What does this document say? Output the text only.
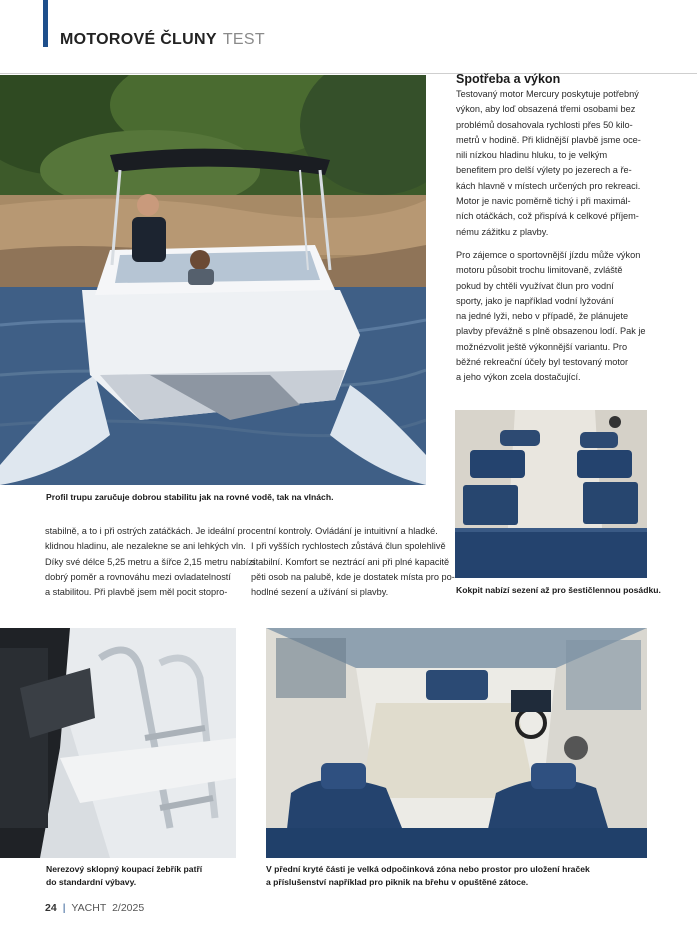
MOTOROVÉ ČLUNY TEST
Profil trupu zaručuje dobrou stabilitu jak na rovné vodě, tak na vlnách.

stabilně, a to i při ostrých zatáčkách. Je ideální pro

klidnou hladinu, ale nezalekne se ani lehkých vln.

Díky své délce 5,25 metru a šířce 2,15 metru nabízí

dobrý poměr a rovnováhu mezi ovladatelností

a stabilitou. Při plavbě jsem měl pocit stopro-

centní kontroly. Ovládání je intuitivní a hladké.

I při vyšších rychlostech zůstává člun spolehlivě

stabilní. Komfort se neztrácí ani při plné kapacitě

pěti osob na palubě, kde je dostatek místa pro po-

hodlné sezení a užívání si plavby.

Spotřeba a výkon

Testovaný motor Mercury poskytuje potřebný

výkon, aby loď obsazená třemi osobami bez

problémů dosahovala rychlosti přes 50 kilo-

metrů v hodině. Při klidnější plavbě jsme oce-

nili nízkou hladinu hluku, to je velkým

benefitem pro delší výlety po jezerech a ře-

kách hlavně v místech určených pro rekreaci.

Motor je navic poměrně tichý i při maximál-

ních otáčkách, což přispívá k celkové příjem-

nému zážitku z plavby.

Pro zájemce o sportovnější jízdu může výkon

motoru působit trochu limitovaně, zvláště

pokud by chtěli využívat člun pro vodní

sporty, jako je například vodní lyžování

na jedné lyži, nebo v případě, že plánujete

plavby převážně s plně obsazenou lodí. Pak je

možnézvolit ještě výkonnější variantu. Pro

běžné rekreační účely byl testovaný motor

a jeho výkon zcela dostačující.

Kokpit nabízí sezení až pro šestičlennou posádku.

Nerezový sklopný koupací žebřík patří

do standardní výbavy.

V přední kryté části je velká odpočinková zóna nebo prostor pro uložení hraček

a příslušenství například pro piknik na břehu v opuštěné zátoce.

24 | YACHT 2/2025
